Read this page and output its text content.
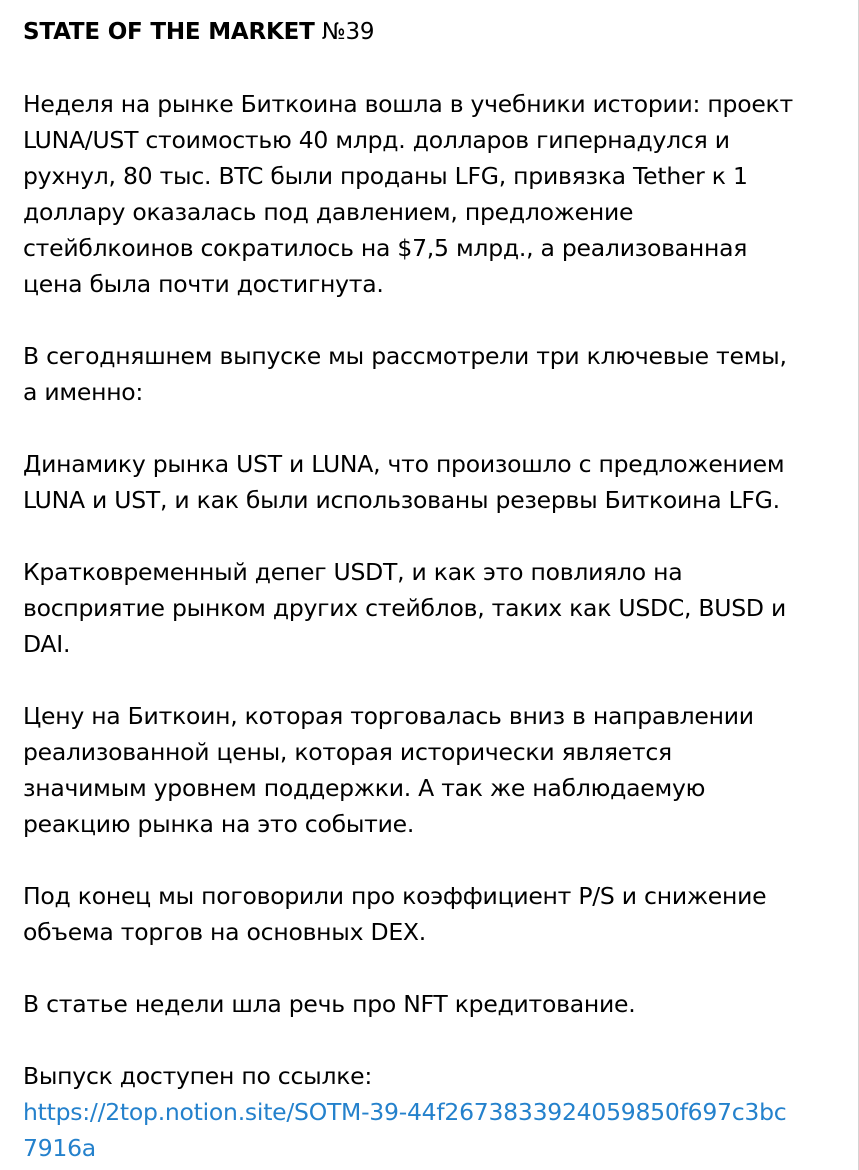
STATE OF THE MARKET №39
Неделя на рынке Биткоина вошла в учебники истории: проект
LUNA/UST стоимостью 40 млрд. долларов гипернадулся и
рухнул, 80 тыс. BTC были проданы LFG, привязка Tether к 1
доллару оказалась под давлением, предложение
стейблкоинов сократилось на $7,5 млрд., а реализованная
цена была почти достигнута.
В сегодняшнем выпуске мы рассмотрели три ключевые темы,
а именно:
Динамику рынка UST и LUNA, что произошло с предложением
LUNA и UST, и как были использованы резервы Биткоина LFG.
Кратковременный депег USDT, и как это повлияло на
восприятие рынком других стейблов, таких как USDC, BUSD и
DAI.
Цену на Биткоин, которая торговалась вниз в направлении
реализованной цены, которая исторически является
значимым уровнем поддержки. А так же наблюдаемую
реакцию рынка на это событие.
Под конец мы поговорили про коэффициент P/S и снижение
объема торгов на основных DEX.
В статье недели шла речь про NFT кредитование.
Выпуск доступен по ссылке:
https://2top.notion.site/SOTM-39-44f2673833924059850f697c3bc
7916a
